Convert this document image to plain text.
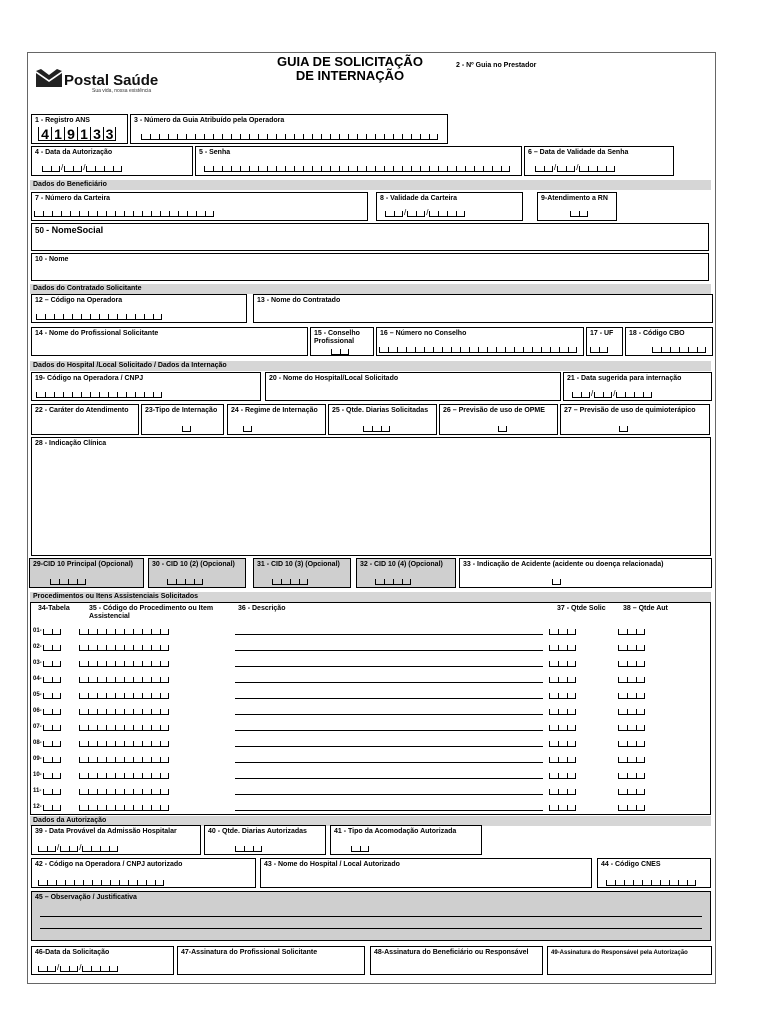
Postal Saúde
Sua vida, nossa existência
GUIA DE SOLICITAÇÃO
DE INTERNAÇÃO
2 - Nº Guia no Prestador
1 - Registro ANS
4 1 9 1 3 3
3 - Número da Guia Atribuído pela Operadora
4 - Data da Autorização
/	/
5 - Senha	6 – Data de Validade da Senha
/	/
Dados do Beneficiário
7 - Número da Carteira	8 - Validade da Carteira
/	/
9-Atendimento a RN
50 - NomeSocial
10 - Nome
Dados do Contratado Solicitante
12 – Código na Operadora	13 - Nome do Contratado
14 - Nome do Profissional Solicitante	15 - Conselho Profissional
16 – Número no Conselho	17 - UF 18 - Código CBO
Dados do Hospital /Local Solicitado / Dados da Internação
19- Código na Operadora / CNPJ	20 - Nome do Hospital/Local Solicitado	21 - Data sugerida para internação
/	/
22 - Caráter do Atendimento 23-Tipo de Internação 24 - Regime de Internação 25 - Qtde. Diarias Solicitadas 26 – Previsão de uso de OPME	27 – Previsão de uso de quimioterápico
28 - Indicação Clínica
29-CID 10 Principal (Opcional)	30 - CID 10 (2) (Opcional)	31 - CID 10 (3) (Opcional)	32 - CID 10 (4) (Opcional)	33 - Indicação de Acidente (acidente ou doença relacionada)
Procedimentos ou Itens Assistenciais Solicitados
34-Tabela	35 - Código do Procedimento ou Item Assistencial
36 - Descrição	37 - Qtde Solic 38 – Qtde Aut
01-
02-
03-
04-
05-
06-
07-
08-
09-
10-
11-
12-
Dados da Autorização
39 - Data Provável da Admissão Hospitalar
/	/
40 - Qtde. Diarias Autorizadas	41 - Tipo da Acomodação Autorizada
42 - Código na Operadora / CNPJ autorizado	43 - Nome do Hospital / Local Autorizado	44 - Código CNES
45 – Observação / Justificativa
46-Data da Solicitação
/	/
47-Assinatura do Profissional Solicitante	48-Assinatura do Beneficiário ou Responsável	49-Assinatura do Responsável pela Autorização
